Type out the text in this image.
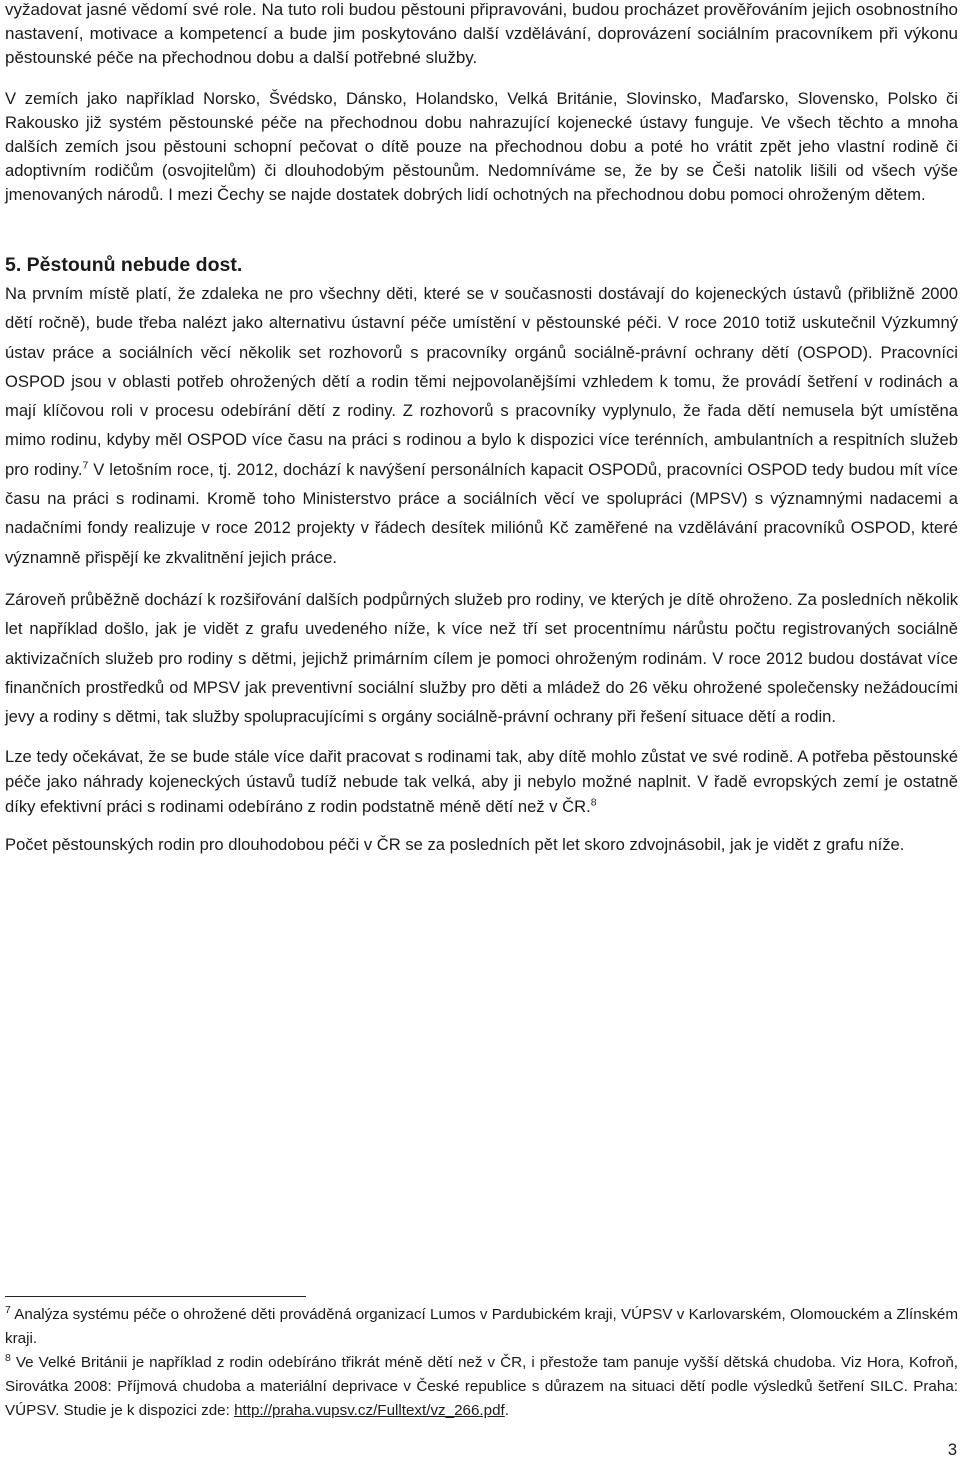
vyžadovat jasné vědomí své role. Na tuto roli budou pěstouni připravováni, budou procházet prověřováním jejich osobnostního nastavení, motivace a kompetencí a bude jim poskytováno další vzdělávání, doprovázení sociálním pracovníkem při výkonu pěstounské péče na přechodnou dobu a další potřebné služby.

V zemích jako například Norsko, Švédsko, Dánsko, Holandsko, Velká Británie, Slovinsko, Maďarsko, Slovensko, Polsko či Rakousko již systém pěstounské péče na přechodnou dobu nahrazující kojenecké ústavy funguje. Ve všech těchto a mnoha dalších zemích jsou pěstouni schopní pečovat o dítě pouze na přechodnou dobu a poté ho vrátit zpět jeho vlastní rodině či adoptivním rodičům (osvojitelům) či dlouhodobým pěstounům. Nedomníváme se, že by se Češi natolik lišili od všech výše jmenovaných národů. I mezi Čechy se najde dostatek dobrých lidí ochotných na přechodnou dobu pomoci ohroženým dětem.

5. Pěstounů nebude dost.

Na prvním místě platí, že zdaleka ne pro všechny děti, které se v současnosti dostávají do kojeneckých ústavů (přibližně 2000 dětí ročně), bude třeba nalézt jako alternativu ústavní péče umístění v pěstounské péči. V roce 2010 totiž uskutečnil Výzkumný ústav práce a sociálních věcí několik set rozhovorů s pracovníky orgánů sociálně-právní ochrany dětí (OSPOD). Pracovníci OSPOD jsou v oblasti potřeb ohrožených dětí a rodin těmi nejpovolanějšími vzhledem k tomu, že provádí šetření v rodinách a mají klíčovou roli v procesu odebírání dětí z rodiny. Z rozhovorů s pracovníky vyplynulo, že řada dětí nemusela být umístěna mimo rodinu, kdyby měl OSPOD více času na práci s rodinou a bylo k dispozici více terénních, ambulantních a respitních služeb pro rodiny.$^7$ V letošním roce, tj. 2012, dochází k navýšení personálních kapacit OSPODů, pracovníci OSPOD tedy budou mít více času na práci s rodinami. Kromě toho Ministerstvo práce a sociálních věcí ve spolupráci (MPSV) s významnými nadacemi a nadačními fondy realizuje v roce 2012 projekty v řádech desítek miliónů Kč zaměřené na vzdělávání pracovníků OSPOD, které významně přispějí ke zkvalitnění jejich práce.

Zároveň průběžně dochází k rozšiřování dalších podpůrných služeb pro rodiny, ve kterých je dítě ohroženo. Za posledních několik let například došlo, jak je vidět z grafu uvedeného níže, k více než tří set procentnímu nárůstu počtu registrovaných sociálně aktivizačních služeb pro rodiny s dětmi, jejichž primárním cílem je pomoci ohroženým rodinám. V roce 2012 budou dostávat více finančních prostředků od MPSV jak preventivní sociální služby pro děti a mládež do 26 věku ohrožené společensky nežádoucími jevy a rodiny s dětmi, tak služby spolupracujícími s orgány sociálně-právní ochrany při řešení situace dětí a rodin.

Lze tedy očekávat, že se bude stále více dařit pracovat s rodinami tak, aby dítě mohlo zůstat ve své rodině. A potřeba pěstounské péče jako náhrady kojeneckých ústavů tudíž nebude tak velká, aby ji nebylo možné naplnit. V řadě evropských zemí je ostatně díky efektivní práci s rodinami odebíráno z rodin podstatně méně dětí než v ČR.$^8$

Počet pěstounských rodin pro dlouhodobou péči v ČR se za posledních pět let skoro zdvojnásobil, jak je vidět z grafu níže.

$^7$ Analýza systému péče o ohrožené děti prováděná organizací Lumos v Pardubickém kraji, VÚPSV v Karlovarském, Olomouckém a Zlínském kraji.

$^8$ Ve Velké Británii je například z rodin odebíráno třikrát méně dětí než v ČR, i přestože tam panuje vyšší dětská chudoba. Viz Hora, Kofroň, Sirovátka 2008: Příjmová chudoba a materiální deprivace v České republice s důrazem na situaci dětí podle výsledků šetření SILC. Praha: VÚPSV. Studie je k dispozici zde: http://praha.vupsv.cz/Fulltext/vz_266.pdf.

3
